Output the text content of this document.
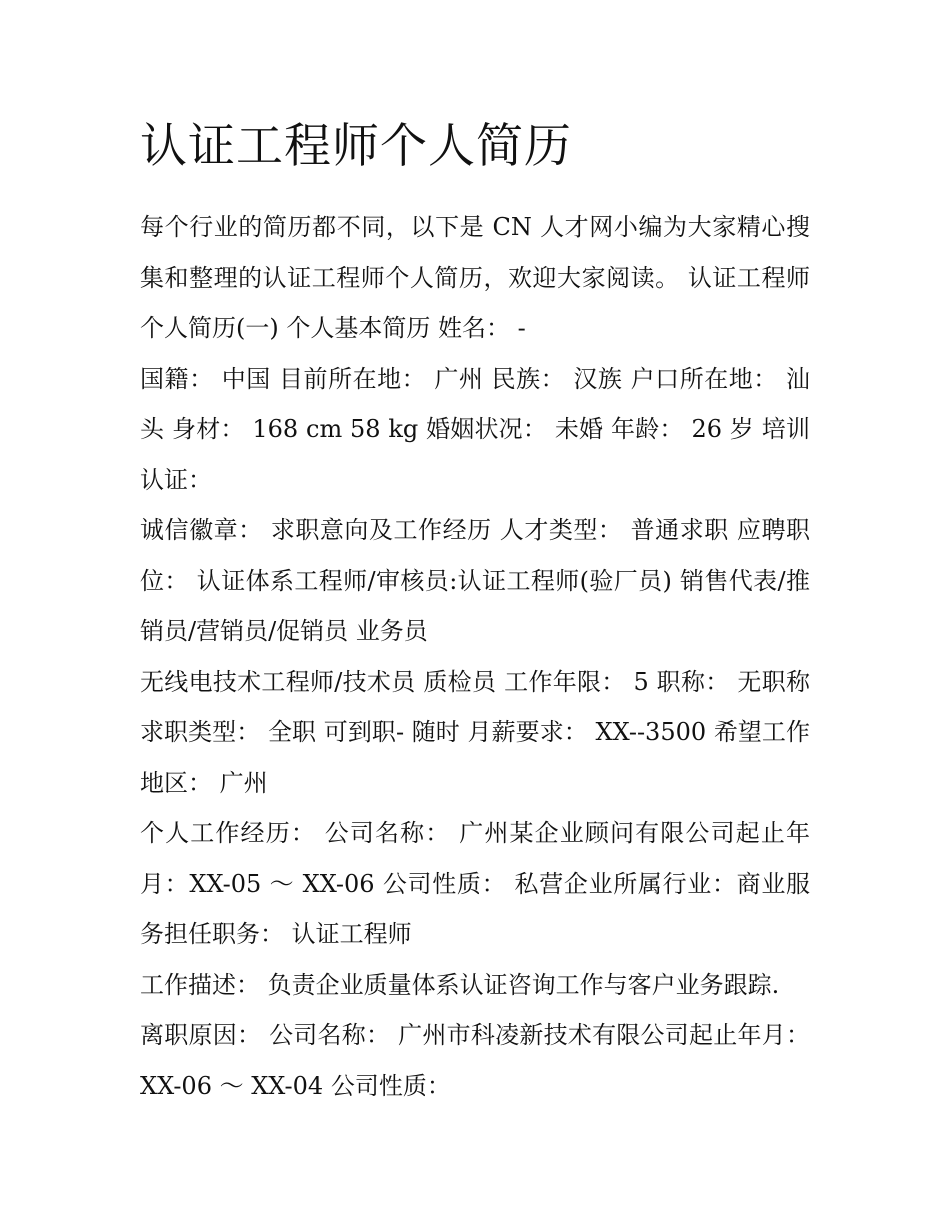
认证工程师个人简历

每个行业的简历都不同，以下是 CN 人才网小编为大家精心搜集和整理的认证工程师个人简历，欢迎大家阅读。 认证工程师个人简历(一) 个人基本简历 姓名： -

国籍： 中国 目前所在地： 广州 民族： 汉族 户口所在地： 汕头 身材： 168 cm 58 kg 婚姻状况： 未婚 年龄： 26 岁 培训认证：

诚信徽章： 求职意向及工作经历 人才类型： 普通求职 应聘职位： 认证体系工程师/审核员:认证工程师(验厂员) 销售代表/推销员/营销员/促销员 业务员

无线电技术工程师/技术员 质检员 工作年限： 5 职称： 无职称 求职类型： 全职 可到职- 随时 月薪要求： XX--3500 希望工作地区： 广州

个人工作经历： 公司名称： 广州某企业顾问有限公司起止年月：XX-05 ～ XX-06 公司性质： 私营企业所属行业：商业服务担任职务： 认证工程师

工作描述： 负责企业质量体系认证咨询工作与客户业务跟踪.

离职原因： 公司名称： 广州市科凌新技术有限公司起止年月：XX-06 ～ XX-04 公司性质：
